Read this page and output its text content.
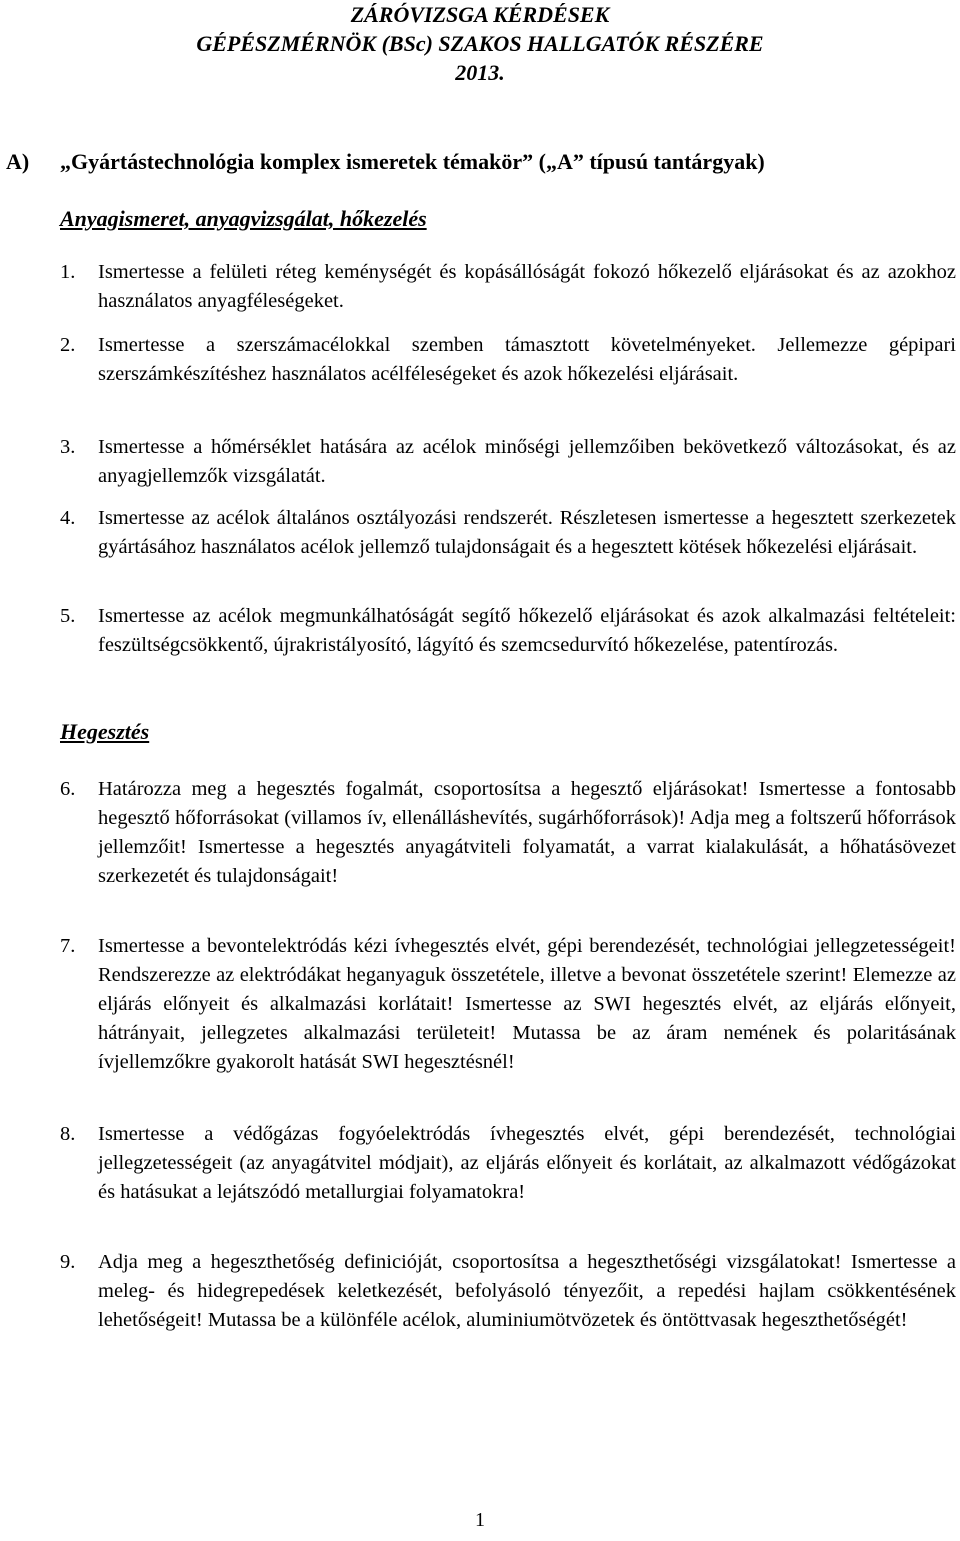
ZÁRÓVIZSGA KÉRDÉSEK
GÉPÉSZMÉRNÖK (BSc) SZAKOS HALLGATÓK RÉSZÉRE
2013.
A) „Gyártástechnológia komplex ismeretek témakör” („A” típusú tantárgyak)
Anyagismeret, anyagvizsgálat, hőkezelés
1.	Ismertesse a felületi réteg keménységét és kopásállóságát fokozó hőkezelő eljárásokat és az azokhoz használatos anyagféleségeket.
2.	Ismertesse a szerszámacélokkal szemben támasztott követelményeket. Jellemezze gépipari szerszámkészítéshez használatos acélféleségeket és azok hőkezelési eljárásait.
3.	Ismertesse a hőmérséklet hatására az acélok minőségi jellemzőiben bekövetkező változásokat, és az anyagjellemzők vizsgálatát.
4.	Ismertesse az acélok általános osztályozási rendszerét. Részletesen ismertesse a hegesztett szerkezetek gyártásához használatos acélok jellemző tulajdonságait és a hegesztett kötések hőkezelési eljárásait.
5.	Ismertesse az acélok megmunkálhatóságát segítő hőkezelő eljárásokat és azok alkalmazási feltételeit: feszültségcsökkentő, újrakristályosító, lágyító és szemcsedurvító hőkezelése, patentírozás.
Hegesztés
6.	Határozza meg a hegesztés fogalmát, csoportosítsa a hegesztő eljárásokat! Ismertesse a fontosabb hegesztő hőforrásokat (villamos ív, ellenálláshevítés, sugárhőforrások)! Adja meg a foltszerű hőforrások jellemzőit! Ismertesse a hegesztés anyagátviteli folyamatát, a varrat kialakulását, a hőhatásövezet szerkezetét és tulajdonságait!
7.	Ismertesse a bevontelektródás kézi ívhegesztés elvét, gépi berendezését, technológiai jellegzetességeit! Rendszerezze az elektródákat heganyaguk összetétele, illetve a bevonat összetétele szerint! Elemezze az eljárás előnyeit és alkalmazási korlátait! Ismertesse az SWI hegesztés elvét, az eljárás előnyeit, hátrányait, jellegzetes alkalmazási területeit! Mutassa be az áram nemének és polaritásának ívjellemzőkre gyakorolt hatását SWI hegesztésnél!
8.	Ismertesse a védőgázas fogyóelektródás ívhegesztés elvét, gépi berendezését, technológiai jellegzetességeit (az anyagátvitel módjait), az eljárás előnyeit és korlátait, az alkalmazott védőgázokat és hatásukat a lejátszódó metallurgiai folyamatokra!
9.	Adja meg a hegeszthetőség definicióját, csoportosítsa a hegeszthetőségi vizsgálatokat! Ismertesse a meleg- és hidegrepedések keletkezését, befolyásoló tényezőit, a repedési hajlam csökkentésének lehetőségeit! Mutassa be a különféle acélok, aluminiumötvözetek és öntöttvasak hegeszthetőségét!
1
